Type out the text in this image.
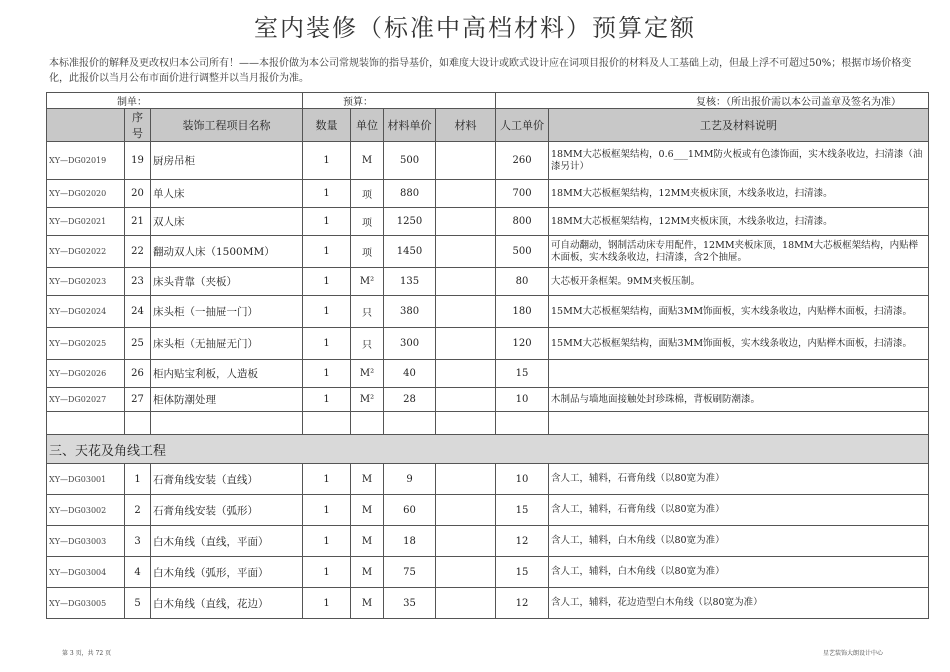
室内装修（标准中高档材料）预算定额
本标准报价的解释及更改权归本公司所有！——本报价做为本公司常规装饰的指导基价，如难度大设计或欧式设计应在词项目报价的材料及人工基础上动，但最上浮不可超过50%；根据市场价格变化，此报价以当月公布市面价进行调整并以当月报价为准。
制单：			预算：				复核：（所出报价需以本公司盖章及签名为准）	
	序号	装饰工程项目名称	数量	单位	材料单价	材料	人工单价	工艺及材料说明
XY—DG02019	19	厨房吊柜	1	M	500		260	18MM大芯板框架结构，0.6___1MM防火板或有色漆饰面，实木线条收边，扫清漆（油漆另计）
XY—DG02020	20	单人床	1	项	880		700	18MM大芯板框架结构，12MM夹板床顶，木线条收边，扫清漆。
XY—DG02021	21	双人床	1	项	1250		800	18MM大芯板框架结构，12MM夹板床顶，木线条收边，扫清漆。
XY—DG02022	22	翻动双人床（1500MM）	1	项	1450		500	可自动翻动，钢制活动床专用配件，12MM夹板床顶，18MM大芯板框架结构，内贴榉木面板，实木线条收边，扫清漆，含2个抽屉。
XY—DG02023	23	床头背靠（夹板）	1	M²	135		80	大芯板开条框架。9MM夹板压制。
XY—DG02024	24	床头柜（一抽屉一门）	1	只	380		180	15MM大芯板框架结构，面贴3MM饰面板，实木线条收边，内贴榉木面板，扫清漆。
XY—DG02025	25	床头柜（无抽屉无门）	1	只	300		120	15MM大芯板框架结构，面贴3MM饰面板，实木线条收边，内贴榉木面板，扫清漆。
XY—DG02026	26	柜内贴宝利板，人造板	1	M²	40		15	
XY—DG02027	27	柜体防潮处理	1	M²	28		10	木制品与墙地面接触处封珍珠棉，背板刷防潮漆。

三、天花及角线工程								
XY—DG03001	1	石膏角线安装（直线）	1	M	9		10	含人工，辅料，石膏角线（以80宽为准）
XY—DG03002	2	石膏角线安装（弧形）	1	M	60		15	含人工，辅料，石膏角线（以80宽为准）
XY—DG03003	3	白木角线（直线，平面）	1	M	18		12	含人工，辅料，白木角线（以80宽为准）
XY—DG03004	4	白木角线（弧形，平面）	1	M	75		15	含人工，辅料，白木角线（以80宽为准）
XY—DG03005	5	白木角线（直线，花边）	1	M	35		12	含人工，辅料，花边造型白木角线（以80宽为准）
第 3 页，共 72 页	星艺装饰大朗设计中心
